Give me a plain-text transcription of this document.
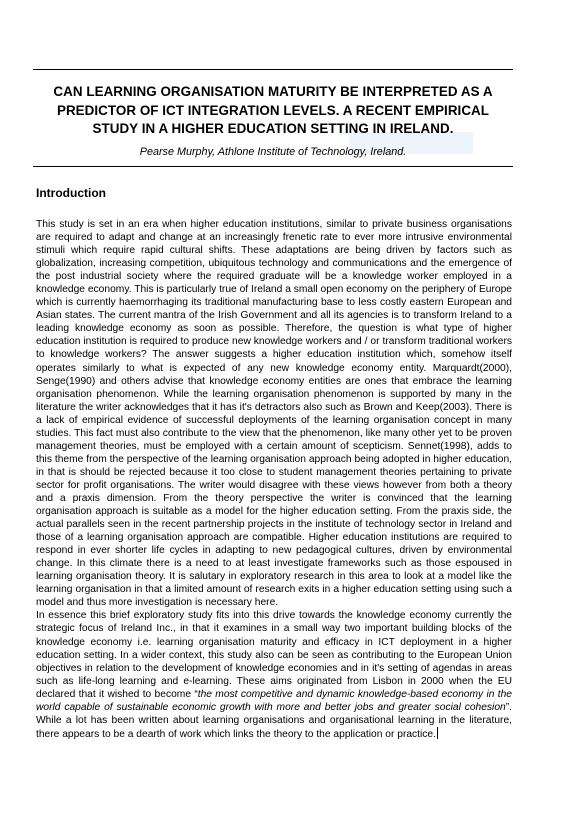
CAN LEARNING ORGANISATION MATURITY BE INTERPRETED AS A PREDICTOR OF ICT INTEGRATION LEVELS. A RECENT EMPIRICAL STUDY IN A HIGHER EDUCATION SETTING IN IRELAND.
Pearse Murphy, Athlone Institute of Technology, Ireland.
Introduction

This study is set in an era when higher education institutions, similar to private business organisations are required to adapt and change at an increasingly frenetic rate to ever more intrusive environmental stimuli which require rapid cultural shifts. These adaptations are being driven by factors such as globalization, increasing competition, ubiquitous technology and communications and the emergence of the post industrial society where the required graduate will be a knowledge worker employed in a knowledge economy. This is particularly true of Ireland a small open economy on the periphery of Europe which is currently haemorrhaging its traditional manufacturing base to less costly eastern European and Asian states. The current mantra of the Irish Government and all its agencies is to transform Ireland to a leading knowledge economy as soon as possible. Therefore, the question is what type of higher education institution is required to produce new knowledge workers and / or transform traditional workers to knowledge workers? The answer suggests a higher education institution which, somehow itself operates similarly to what is expected of any new knowledge economy entity. Marquardt(2000), Senge(1990) and others advise that knowledge economy entities are ones that embrace the learning organisation phenomenon. While the learning organisation phenomenon is supported by many in the literature the writer acknowledges that it has it's detractors also such as Brown and Keep(2003). There is a lack of empirical evidence of successful deployments of the learning organisation concept in many studies. This fact must also contribute to the view that the phenomenon, like many other yet to be proven management theories, must be employed with a certain amount of scepticism. Sennet(1998), adds to this theme from the perspective of the learning organisation approach being adopted in higher education, in that is should be rejected because it too close to student management theories pertaining to private sector for profit organisations. The writer would disagree with these views however from both a theory and a praxis dimension. From the theory perspective the writer is convinced that the learning organisation approach is suitable as a model for the higher education setting. From the praxis side, the actual parallels seen in the recent partnership projects in the institute of technology sector in Ireland and those of a learning organisation approach are compatible. Higher education institutions are required to respond in ever shorter life cycles in adapting to new pedagogical cultures, driven by environmental change. In this climate there is a need to at least investigate frameworks such as those espoused in learning organisation theory. It is salutary in exploratory research in this area to look at a model like the learning organisation in that a limited amount of research exits in a higher education setting using such a model and thus more investigation is necessary here.

In essence this brief exploratory study fits into this drive towards the knowledge economy currently the strategic focus of Ireland Inc., in that it examines in a small way two important building blocks of the knowledge economy i.e. learning organisation maturity and efficacy in ICT deployment in a higher education setting. In a wider context, this study also can be seen as contributing to the European Union objectives in relation to the development of knowledge economies and in it's setting of agendas in areas such as life-long learning and e-learning. These aims originated from Lisbon in 2000 when the EU declared that it wished to become “the most competitive and dynamic knowledge-based economy in the world capable of sustainable economic growth with more and better jobs and greater social cohesion”. While a lot has been written about learning organisations and organisational learning in the literature, there appears to be a dearth of work which links the theory to the application or practice.
